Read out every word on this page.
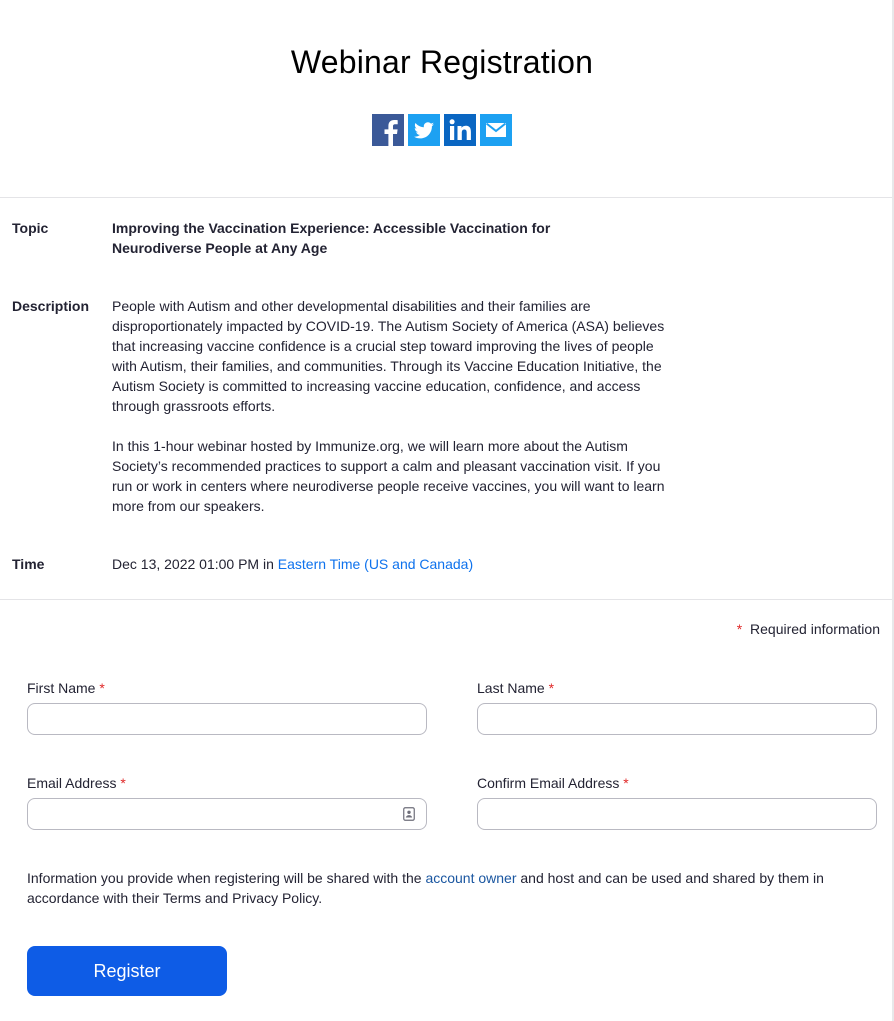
Webinar Registration
Topic	Improving the Vaccination Experience: Accessible Vaccination for Neurodiverse People at Any Age
Description People with Autism and other developmental disabilities and their families are disproportionately impacted by COVID-19. The Autism Society of America (ASA) believes that increasing vaccine confidence is a crucial step toward improving the lives of people with Autism, their families, and communities. Through its Vaccine Education Initiative, the Autism Society is committed to increasing vaccine education, confidence, and access through grassroots efforts.

In this 1-hour webinar hosted by Immunize.org, we will learn more about the Autism Society’s recommended practices to support a calm and pleasant vaccination visit. If you run or work in centers where neurodiverse people receive vaccines, you will want to learn more from our speakers.

Time	Dec 13, 2022 01:00 PM in Eastern Time (US and Canada)
* Required information
First Name *	Last Name *
Email Address *	Confirm Email Address *
Information you provide when registering will be shared with the account owner and host and can be used and shared by them in accordance with their Terms and Privacy Policy.
Register
